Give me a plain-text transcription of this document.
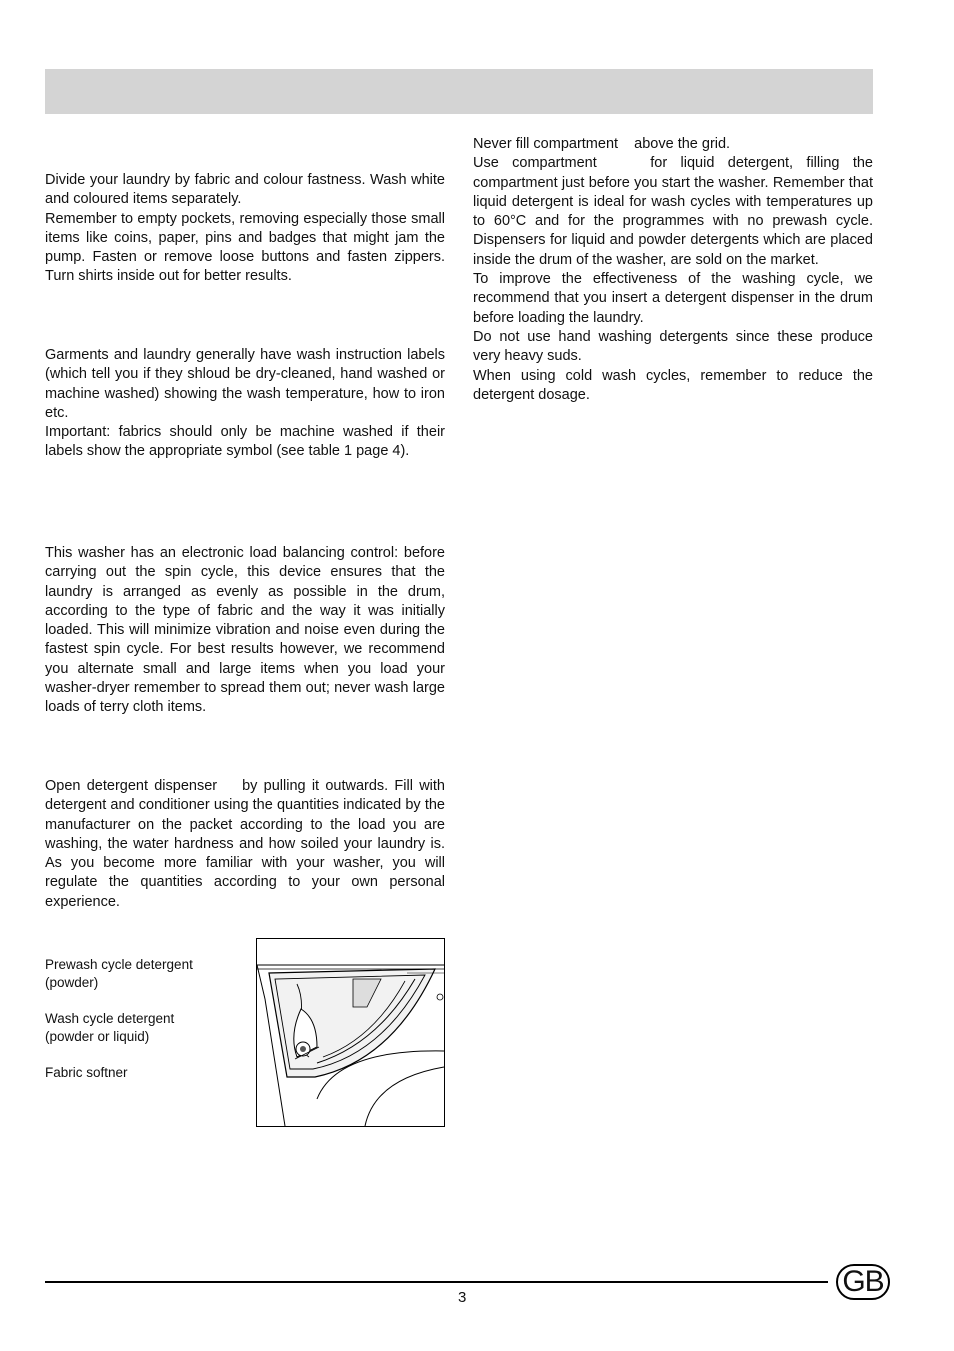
Divide your laundry by fabric and colour fastness. Wash white and coloured items separately.

Remember to empty pockets, removing especially those small items like coins, paper, pins and badges that might jam the pump. Fasten or remove loose buttons and fasten zippers. Turn shirts inside out for better results.

Garments and laundry generally have wash instruction labels (which tell you if they shloud be dry-cleaned, hand washed or machine washed) showing the wash temperature, how to iron etc.

Important: fabrics should only be machine washed if their labels show the appropriate symbol (see table 1 page 4).

This washer has an electronic load balancing control: before carrying out the spin cycle, this device ensures that the laundry is arranged as evenly as possible in the drum, according to the type of fabric and the way it was initially loaded. This will minimize vibration and noise even during the fastest spin cycle. For best results however, we recommend you alternate small and large items when you load your washer-dryer remember to spread them out; never wash large loads of terry cloth items.

Open detergent dispenser    by pulling it outwards. Fill with detergent and conditioner using the quantities indicated by the manufacturer on the packet according to the load you are washing, the water hardness and how soiled your laundry is. As you become more familiar with your washer, you will regulate the quantities according to your own personal experience.

Prewash cycle detergent
(powder)
Wash cycle detergent
(powder or liquid)
Fabric softner

Never fill compartment    above the grid.

Use compartment    for liquid detergent, filling the compartment just before you start the washer. Remember that liquid detergent is ideal for wash cycles with temperatures up to 60°C and for the programmes with no prewash cycle. Dispensers for liquid and powder detergents which are placed inside the drum of the washer, are sold on the market.

To improve the effectiveness of the washing cycle, we recommend that you insert a detergent dispenser in the drum before loading the laundry.

Do not use hand washing detergents since these produce very heavy suds.

When using cold wash cycles, remember to reduce the detergent dosage.

3	GB
